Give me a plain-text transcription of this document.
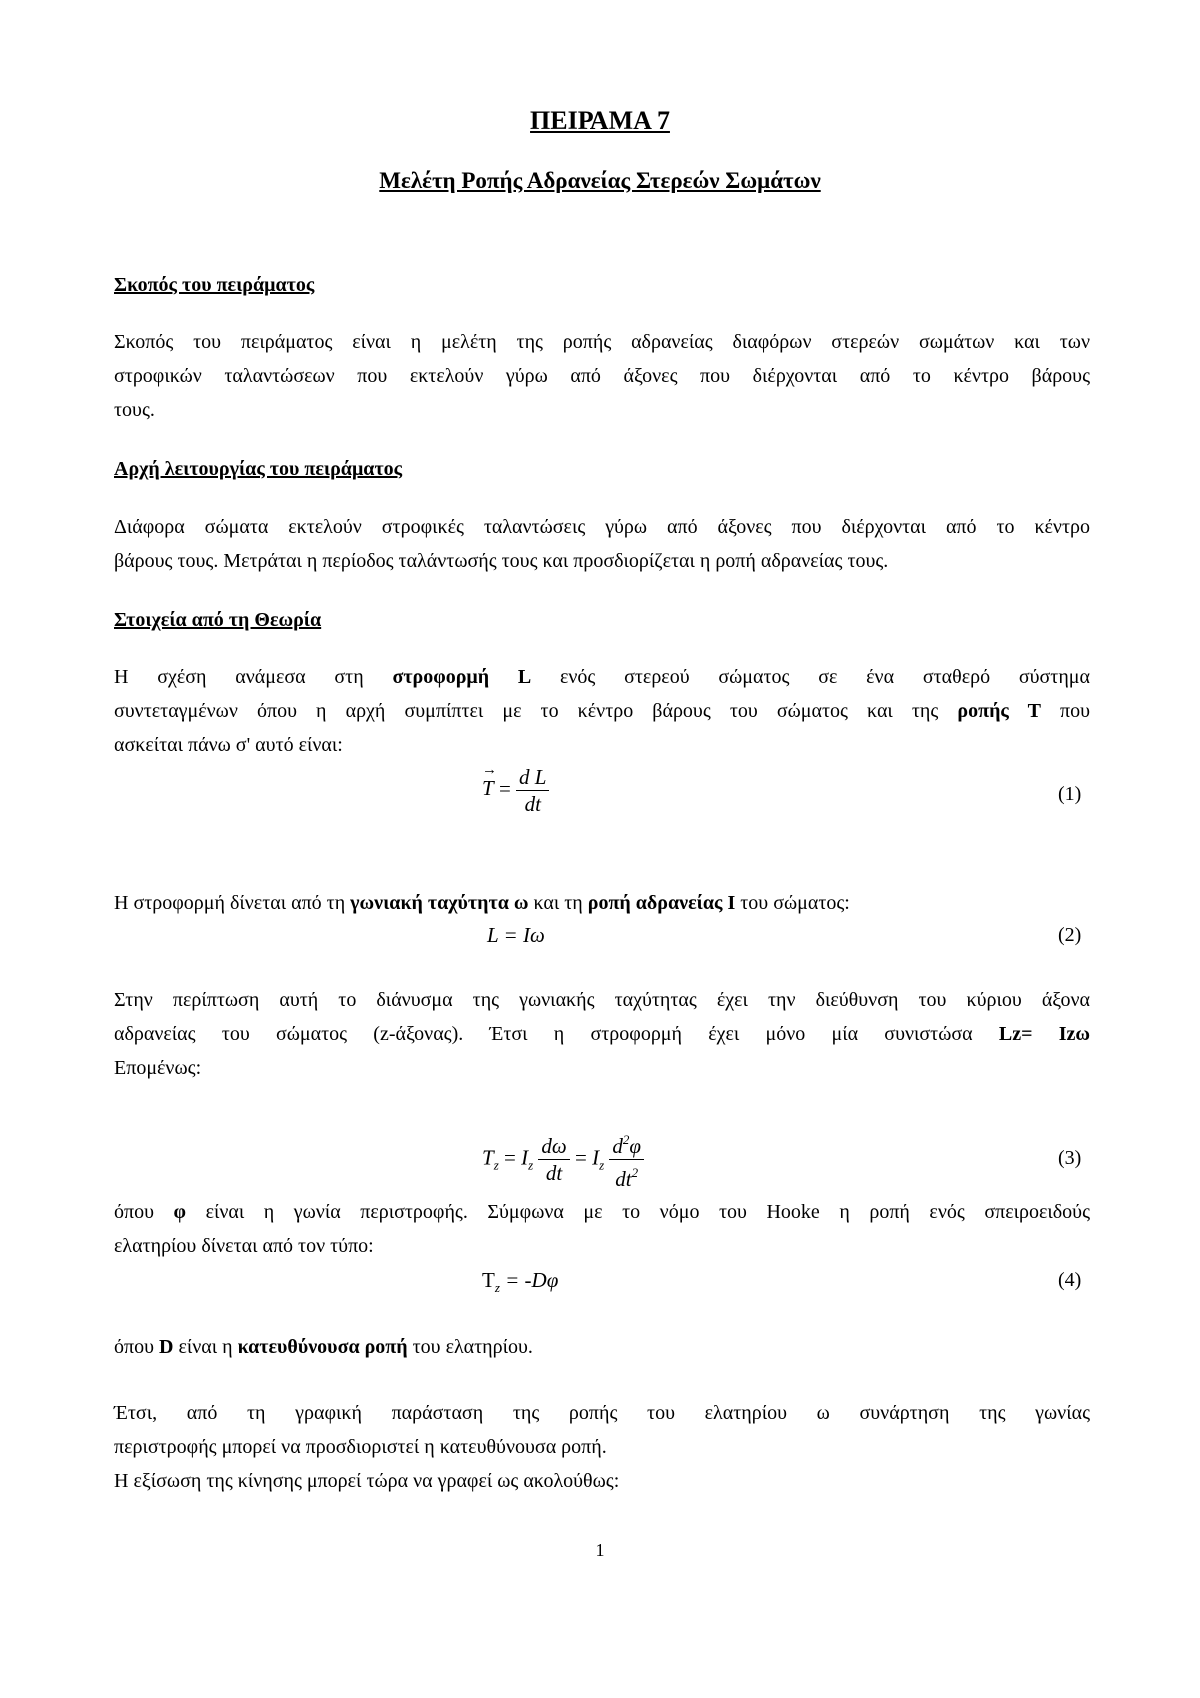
ΠΕΙΡΑΜΑ 7
Μελέτη Ροπής Αδρανείας Στερεών Σωμάτων
Σκοπός του πειράματος
Σκοπός του πειράματος είναι η μελέτη της ροπής αδρανείας διαφόρων στερεών σωμάτων και των
στροφικών ταλαντώσεων που εκτελούν γύρω από άξονες που διέρχονται από το κέντρο βάρους
τους.
Αρχή λειτουργίας του πειράματος
Διάφορα σώματα εκτελούν στροφικές ταλαντώσεις γύρω από άξονες που διέρχονται από το κέντρο
βάρους τους. Μετράται η περίοδος ταλάντωσής τους και προσδιορίζεται η ροπή αδρανείας τους.
Στοιχεία από τη Θεωρία
Η σχέση ανάμεσα στη στροφορμή L ενός στερεού σώματος σε ένα σταθερό σύστημα
συντεταγμένων όπου η αρχή συμπίπτει με το κέντρο βάρους του σώματος και της ροπής Τ που
ασκείται πάνω σ' αυτό είναι:
→ $T = \frac{\text{d L}}{dt}$	(1)
Η στροφορμή δίνεται από τη γωνιακή ταχύτητα ω και τη ροπή αδρανείας Ι του σώματος:
L = Iω	(2)
Στην περίπτωση αυτή το διάνυσμα της γωνιακής ταχύτητας έχει την διεύθυνση του κύριου άξονα
αδρανείας του σώματος (z-άξονας). Έτσι η στροφορμή έχει μόνο μία συνιστώσα Lz= Izω
Επομένως:
$T_z = I_z \frac{d\omega}{dt} = I_z \frac{d^2\varphi}{dt^2}$	(3)
όπου φ είναι η γωνία περιστροφής. Σύμφωνα με το νόμο του Hooke η ροπή ενός σπειροειδούς
ελατηρίου δίνεται από τον τύπο:
$T_z = -D\varphi$	(4)
όπου D είναι η κατευθύνουσα ροπή του ελατηρίου.
Έτσι, από τη γραφική παράσταση της ροπής του ελατηρίου ω συνάρτηση της γωνίας
περιστροφής μπορεί να προσδιοριστεί η κατευθύνουσα ροπή.
Η εξίσωση της κίνησης μπορεί τώρα να γραφεί ως ακολούθως:
1
